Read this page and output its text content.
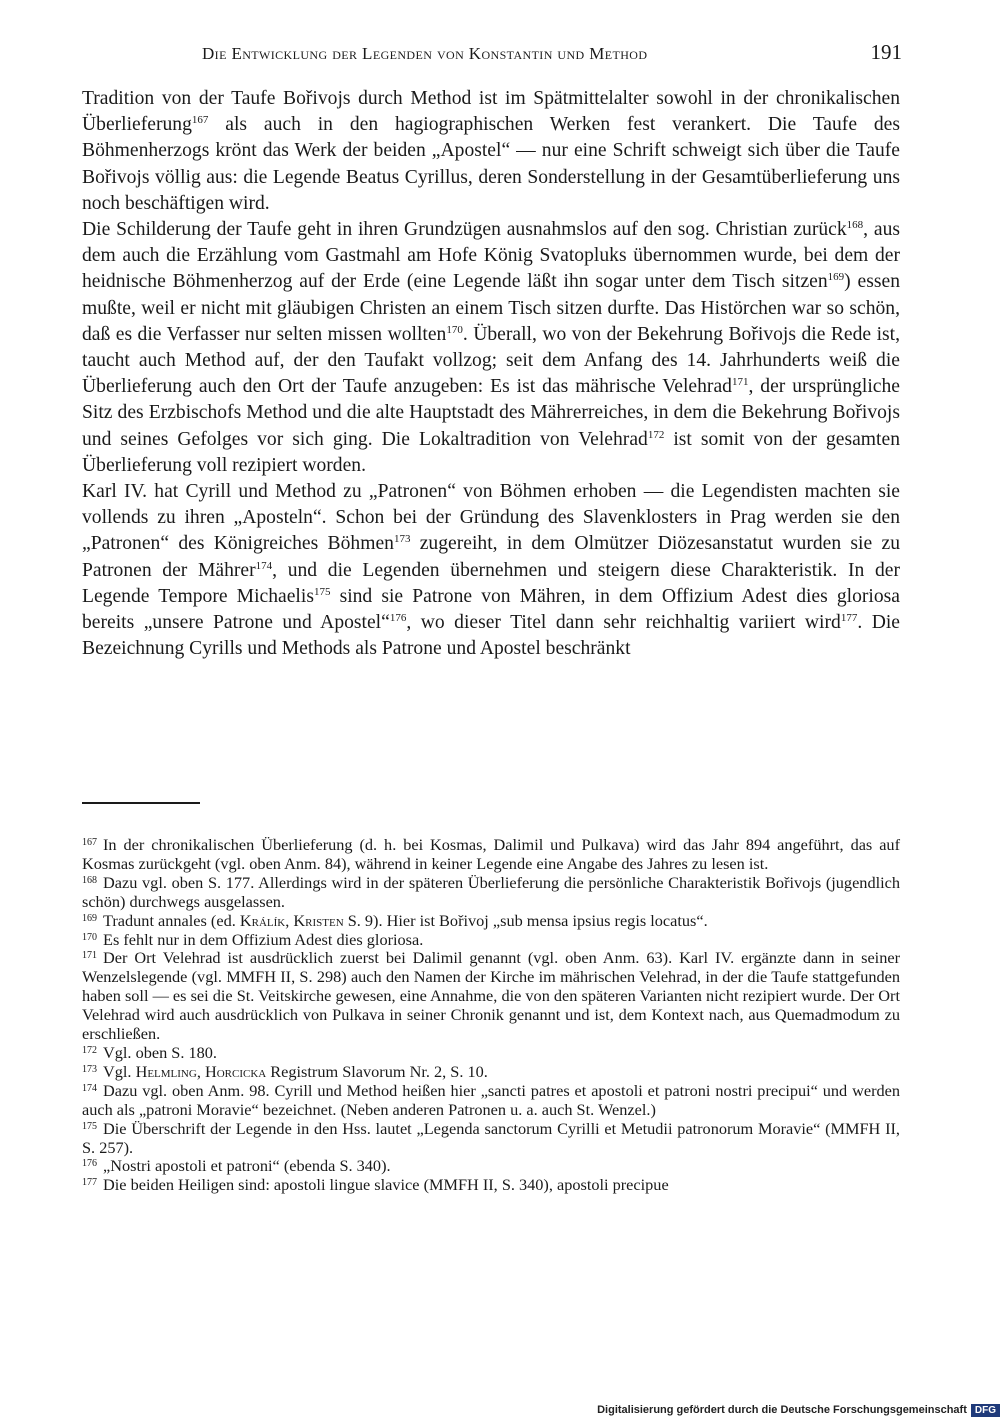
Die Entwicklung der Legenden von Konstantin und Method	191

Tradition von der Taufe Bořivojs durch Method ist im Spätmittelalter sowohl in der chronikalischen Überlieferung$^{167}$ als auch in den hagiographischen Werken fest verankert. Die Taufe des Böhmenherzogs krönt das Werk der beiden „Apostel“ — nur eine Schrift schweigt sich über die Taufe Bořivojs völlig aus: die Legende Beatus Cyrillus, deren Sonderstellung in der Gesamtüberlieferung uns noch beschäftigen wird.

Die Schilderung der Taufe geht in ihren Grundzügen ausnahmslos auf den sog. Christian zurück$^{168}$, aus dem auch die Erzählung vom Gastmahl am Hofe König Svatopluks übernommen wurde, bei dem der heidnische Böhmenherzog auf der Erde (eine Legende läßt ihn sogar unter dem Tisch sitzen$^{169}$) essen mußte, weil er nicht mit gläubigen Christen an einem Tisch sitzen durfte. Das Histörchen war so schön, daß es die Verfasser nur selten missen wollten$^{170}$. Überall, wo von der Bekehrung Bořivojs die Rede ist, taucht auch Method auf, der den Taufakt vollzog; seit dem Anfang des 14. Jahrhunderts weiß die Überlieferung auch den Ort der Taufe anzugeben: Es ist das mährische Velehrad$^{171}$, der ursprüngliche Sitz des Erzbischofs Method und die alte Hauptstadt des Mährerreiches, in dem die Bekehrung Bořivojs und seines Gefolges vor sich ging. Die Lokaltradition von Velehrad$^{172}$ ist somit von der gesamten Überlieferung voll rezipiert worden.

Karl IV. hat Cyrill und Method zu „Patronen“ von Böhmen erhoben — die Legendisten machten sie vollends zu ihren „Aposteln“. Schon bei der Gründung des Slavenklosters in Prag werden sie den „Patronen“ des Königreiches Böhmen$^{173}$ zugereiht, in dem Olmützer Diözesanstatut wurden sie zu Patronen der Mährer$^{174}$, und die Legenden übernehmen und steigern diese Charakteristik. In der Legende Tempore Michaelis$^{175}$ sind sie Patrone von Mähren, in dem Offizium Adest dies gloriosa bereits „unsere Patrone und Apostel“$^{176}$, wo dieser Titel dann sehr reichhaltig variiert wird$^{177}$. Die Bezeichnung Cyrills und Methods als Patrone und Apostel beschränkt

$^{167}$ In der chronikalischen Überlieferung (d. h. bei Kosmas, Dalimil und Pulkava) wird das Jahr 894 angeführt, das auf Kosmas zurückgeht (vgl. oben Anm. 84), während in keiner Legende eine Angabe des Jahres zu lesen ist.

$^{168}$ Dazu vgl. oben S. 177. Allerdings wird in der späteren Überlieferung die persönliche Charakteristik Bořivojs (jugendlich schön) durchwegs ausgelassen.

$^{169}$ Tradunt annales (ed. Králík, Kristen S. 9). Hier ist Bořivoj „sub mensa ipsius regis locatus“.

$^{170}$ Es fehlt nur in dem Offizium Adest dies gloriosa.

$^{171}$ Der Ort Velehrad ist ausdrücklich zuerst bei Dalimil genannt (vgl. oben Anm. 63). Karl IV. ergänzte dann in seiner Wenzelslegende (vgl. MMFH II, S. 298) auch den Namen der Kirche im mährischen Velehrad, in der die Taufe stattgefunden haben soll — es sei die St. Veitskirche gewesen, eine Annahme, die von den späteren Varianten nicht rezipiert wurde. Der Ort Velehrad wird auch ausdrücklich von Pulkava in seiner Chronik genannt und ist, dem Kontext nach, aus Quemadmodum zu erschließen.

$^{172}$ Vgl. oben S. 180.

$^{173}$ Vgl. Helmling, Horcicka Registrum Slavorum Nr. 2, S. 10.

$^{174}$ Dazu vgl. oben Anm. 98. Cyrill und Method heißen hier „sancti patres et apostoli et patroni nostri precipui“ und werden auch als „patroni Moravie“ bezeichnet. (Neben anderen Patronen u. a. auch St. Wenzel.)

$^{175}$ Die Überschrift der Legende in den Hss. lautet „Legenda sanctorum Cyrilli et Metudii patronorum Moravie“ (MMFH II, S. 257).

$^{176}$ „Nostri apostoli et patroni“ (ebenda S. 340).

$^{177}$ Die beiden Heiligen sind: apostoli lingue slavice (MMFH II, S. 340), apostoli precipue

Digitalisierung gefördert durch die Deutsche Forschungsgemeinschaft DFG
